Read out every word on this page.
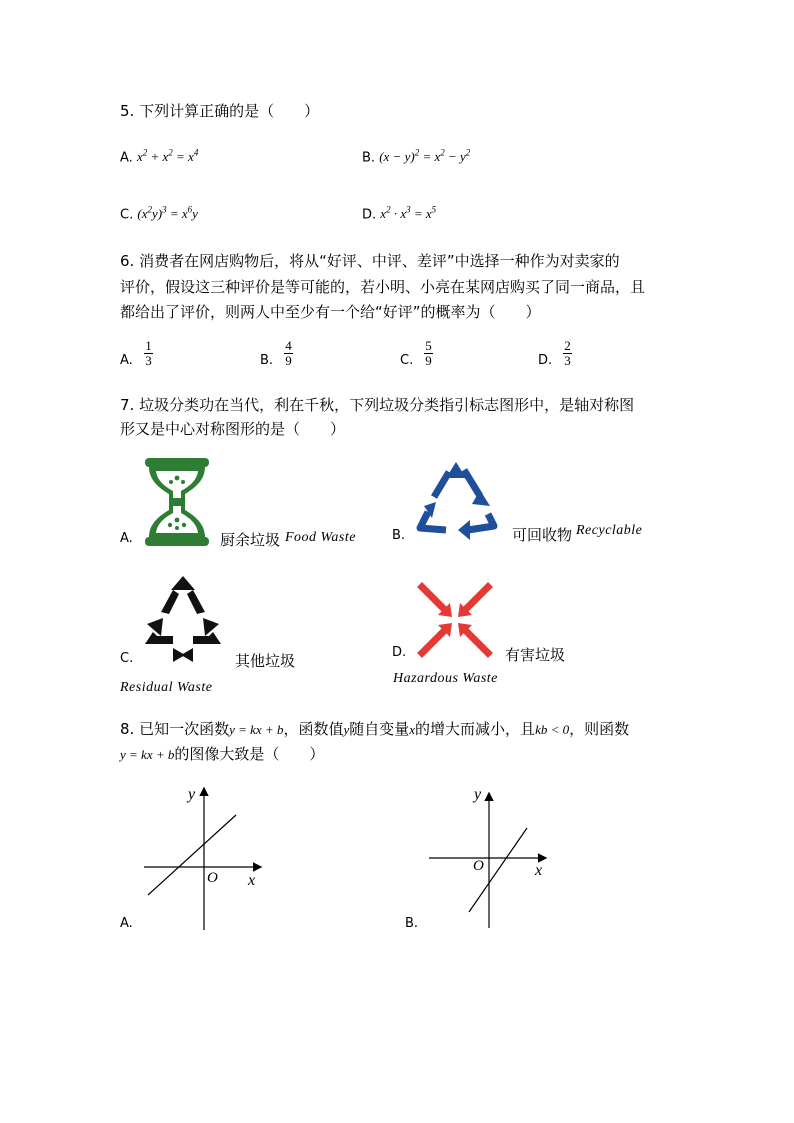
5. 下列计算正确的是（　　）
A. $x^2 + x^2 = x^4$	B. $(x - y)^2 = x^2 - y^2$
C. $(x^2y)^3 = x^6y$	D. $x^2 \cdot x^3 = x^5$
6. 消费者在网店购物后，将从“好评、中评、差评”中选择一种作为对卖家的
评价，假设这三种评价是等可能的，若小明、小亮在某网店购买了同一商品，且
都给出了评价，则两人中至少有一个给“好评”的概率为（　　）
A.
1
3	B.
4
9	C.
5
9	D.
2
3
7. 垃圾分类功在当代，利在千秋，下列垃圾分类指引标志图形中，是轴对称图
形又是中心对称图形的是（　　）
A.	厨余垃圾 Food Waste	B.	可回收物 Recyclable
C.	其他垃圾
Residual Waste
D.	有害垃圾
Hazardous Waste
8. 已知一次函数y = kx + b，函数值y随自变量x的增大而减小，且kb < 0，则函数
y = kx + b的图像大致是（　　）
y
x
O
A.
y
x
O
B.
